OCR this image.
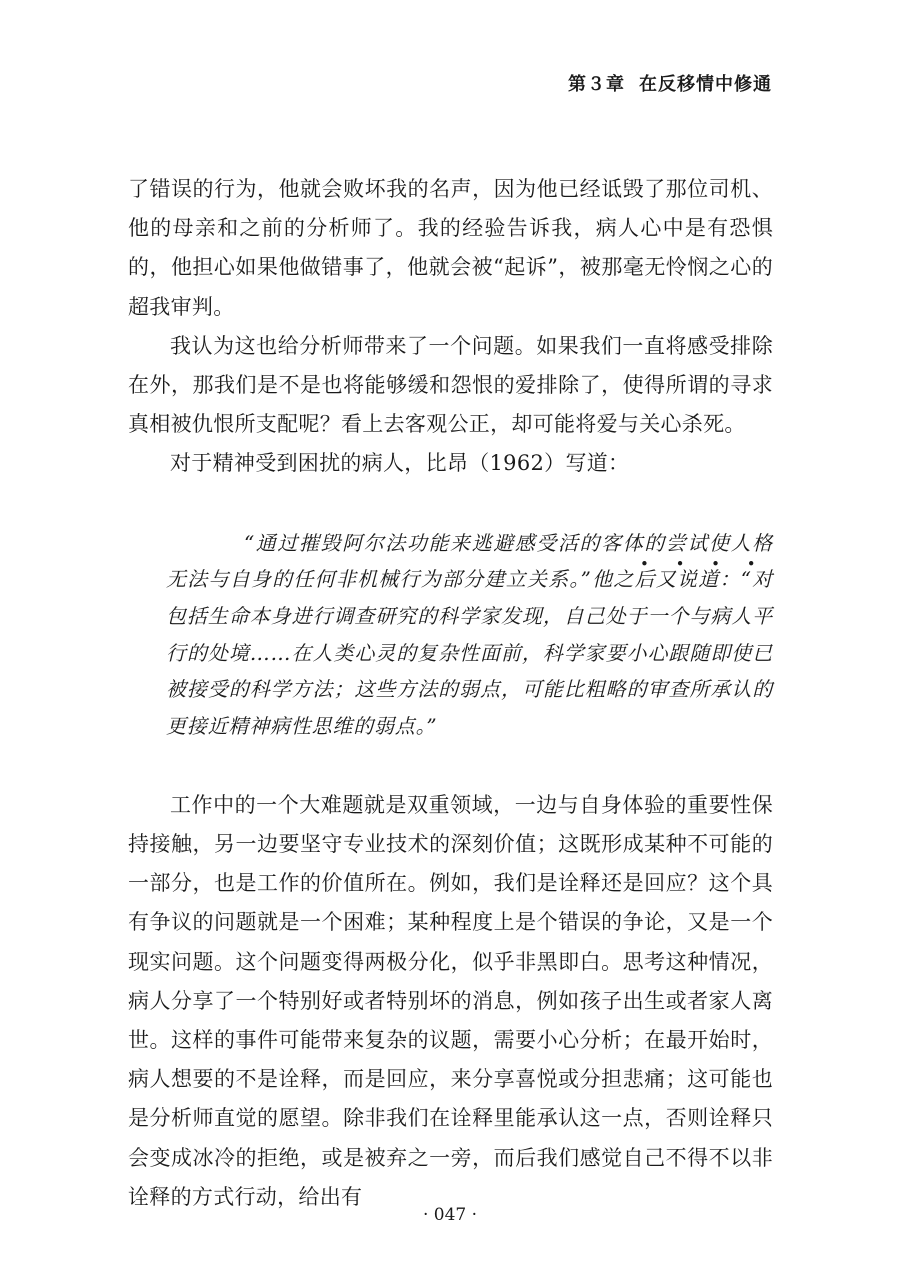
第３章 在反移情中修通

了错误的行为，他就会败坏我的名声，因为他已经诋毁了那位司机、他的母亲和之前的分析师了。我的经验告诉我，病人心中是有恐惧的，他担心如果他做错事了，他就会被“起诉”，被那毫无怜悯之心的超我审判。

我认为这也给分析师带来了一个问题。如果我们一直将感受排除在外，那我们是不是也将能够缓和怨恨的爱排除了，使得所谓的寻求真相被仇恨所支配呢？看上去客观公正，却可能将爱与关心杀死。

对于精神受到困扰的病人，比昂（1962）写道：

“通过摧毁阿尔法功能来逃避感受活的客体 • • • •的尝试使人格无法与自身的任何非机械行为部分建立关系。”他之后又说道：“对包括生命本身进行调查研究的科学家发现，自己处于一个与病人平行的处境……在人类心灵的复杂性面前，科学家要小心跟随即使已被接受的科学方法；这些方法的弱点，可能比粗略的审查所承认的更接近精神病性思维的弱点。”

工作中的一个大难题就是双重领域，一边与自身体验的重要性保持接触，另一边要坚守专业技术的深刻价值；这既形成某种不可能的一部分，也是工作的价值所在。例如，我们是诠释还是回应？这个具有争议的问题就是一个困难；某种程度上是个错误的争论，又是一个现实问题。这个问题变得两极分化，似乎非黑即白。思考这种情况，病人分享了一个特别好或者特别坏的消息，例如孩子出生或者家人离世。这样的事件可能带来复杂的议题，需要小心分析；在最开始时，病人想要的不是诠释，而是回应，来分享喜悦或分担悲痛；这可能也是分析师直觉的愿望。除非我们在诠释里能承认这一点，否则诠释只会变成冰冷的拒绝，或是被弃之一旁，而后我们感觉自己不得不以非诠释的方式行动，给出有

· 047 ·
